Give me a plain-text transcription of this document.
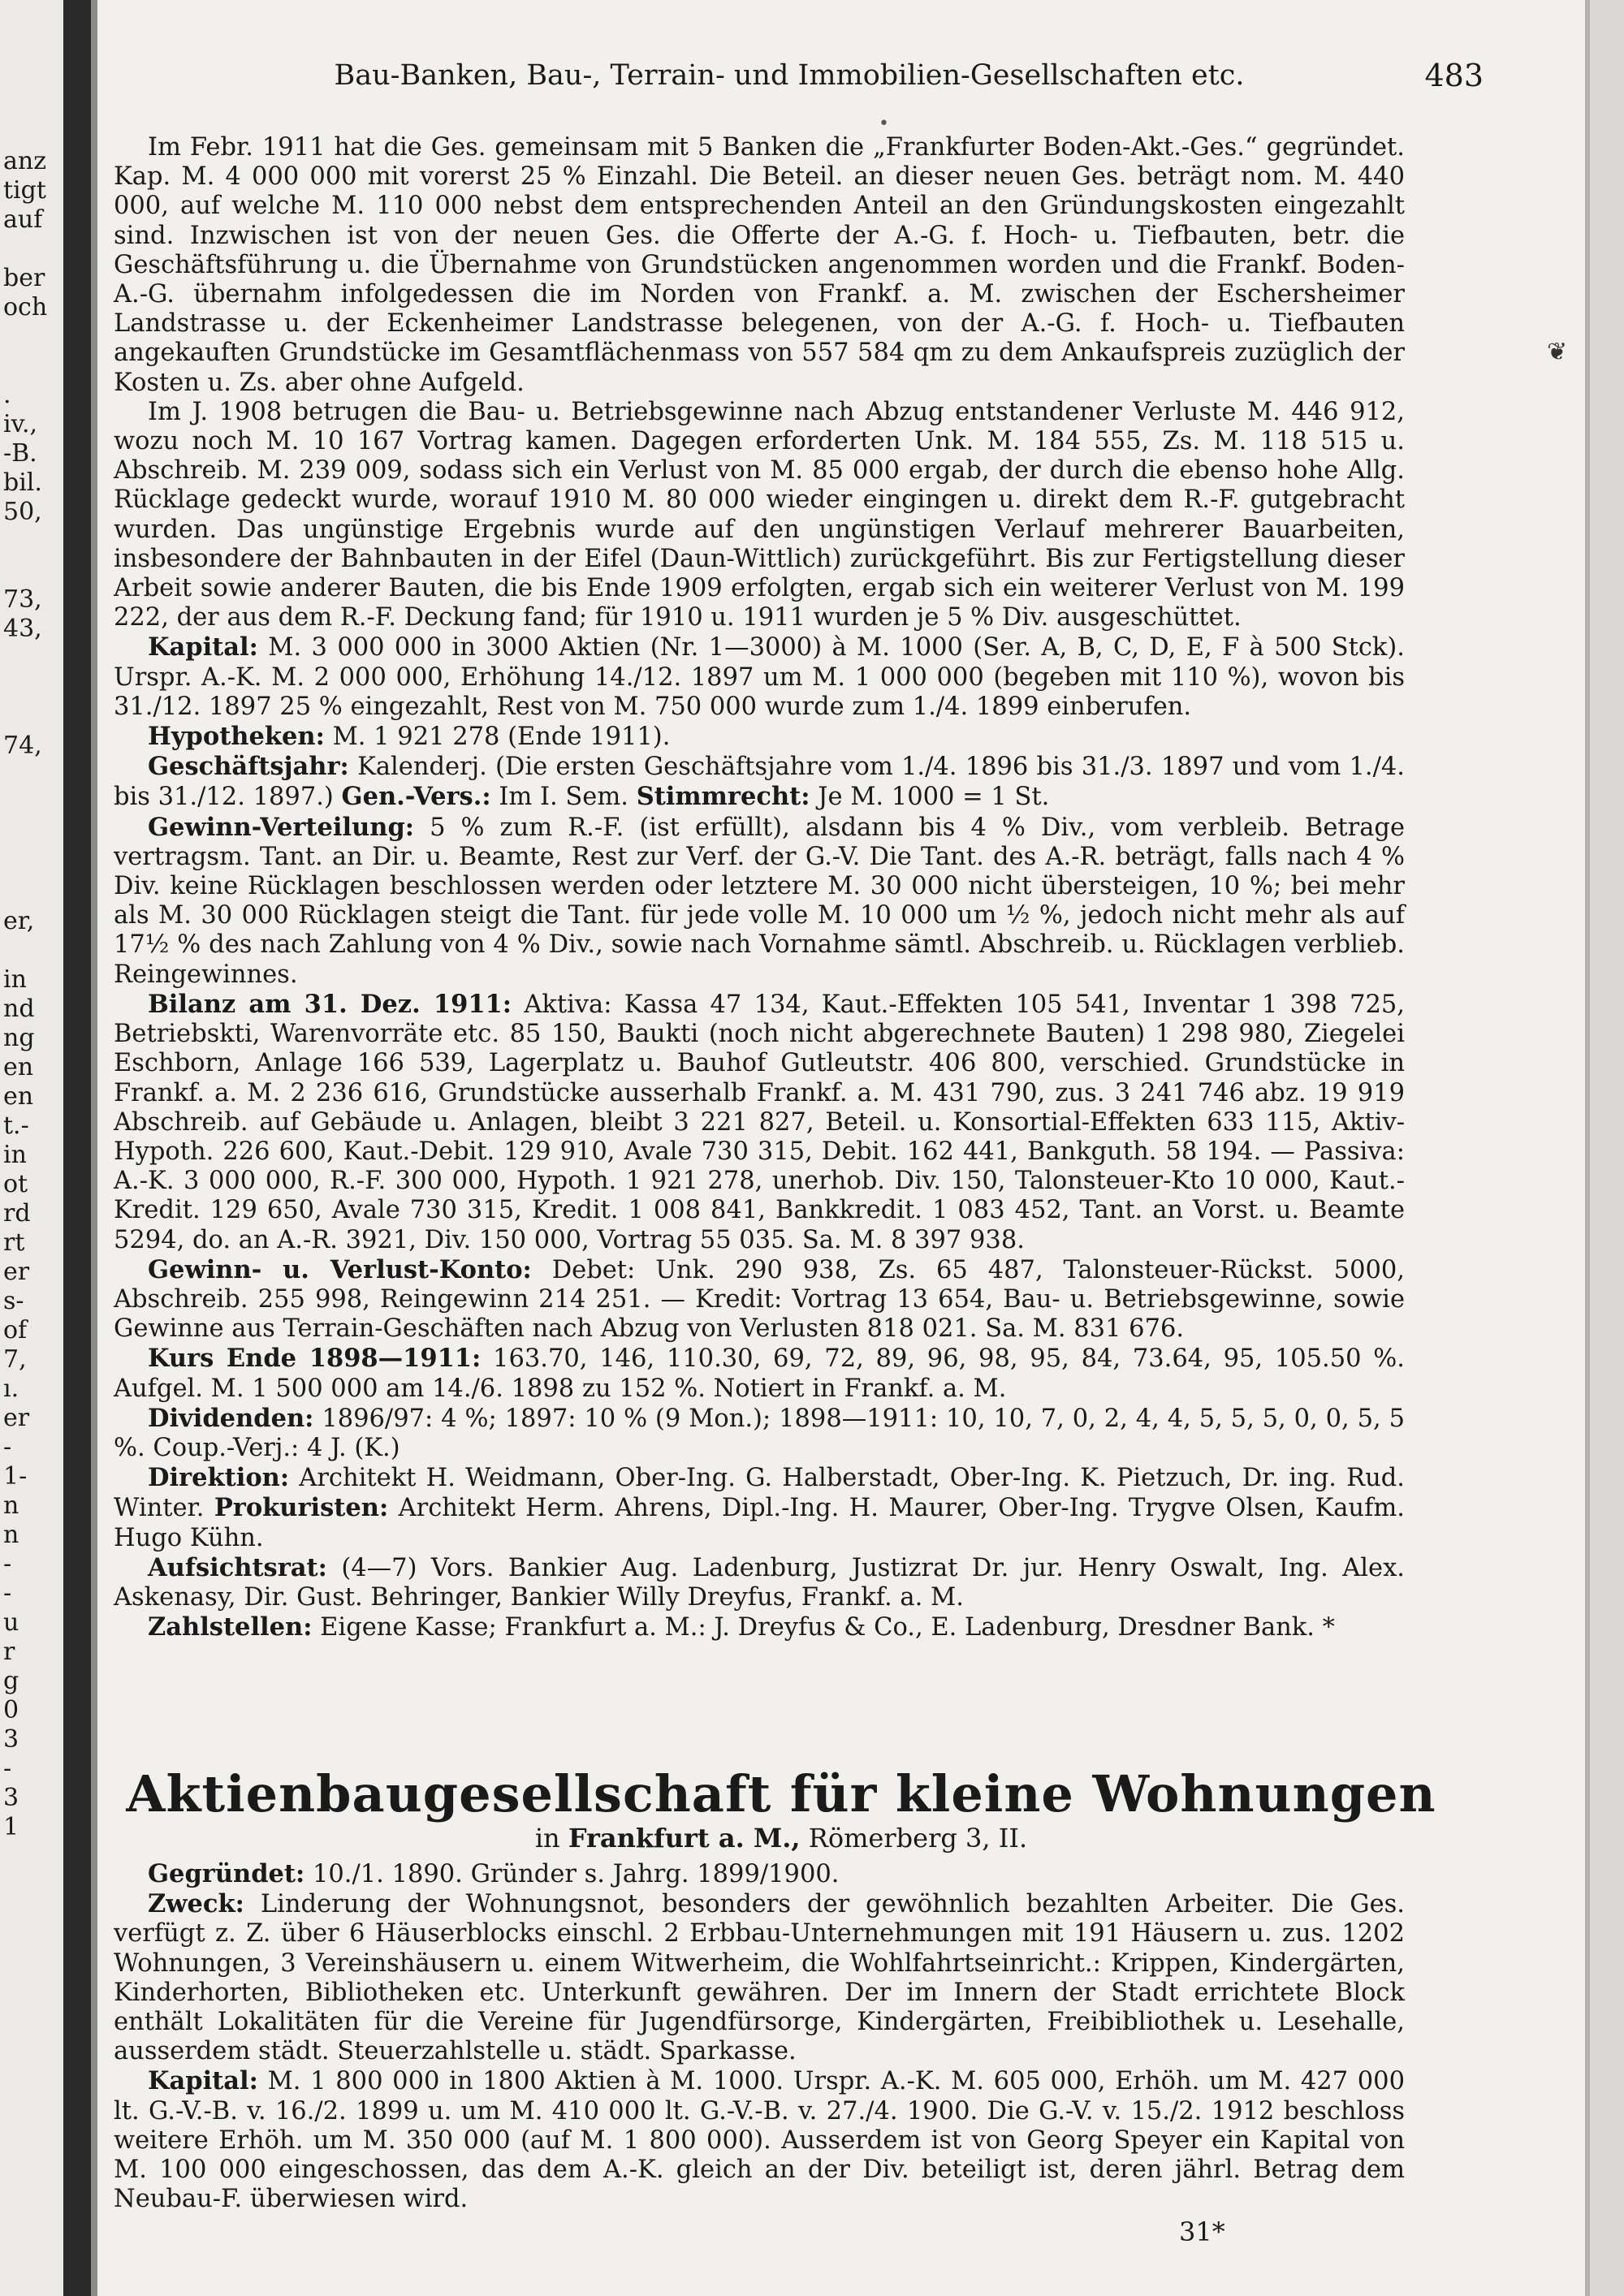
anz
tigt
auf
ber
och
.
iv.,
-B.
bil.
50,
73,
43,
74,
er,
in
nd
ng
en
en
t.-
in
ot
rd
rt
er
s-
of
7,
ı.
er
-
1-
n
n
-
-
u
r
g
0
3
-
3
1
❦
Bau-Banken, Bau-, Terrain- und Immobilien-Gesellschaften etc.	483
•

Im Febr. 1911 hat die Ges. gemeinsam mit 5 Banken die „Frankfurter Boden-Akt.-Ges.“ gegründet. Kap. M. 4 000 000 mit vorerst 25 % Einzahl. Die Beteil. an dieser neuen Ges. beträgt nom. M. 440 000, auf welche M. 110 000 nebst dem entsprechenden Anteil an den Gründungskosten eingezahlt sind. Inzwischen ist von der neuen Ges. die Offerte der A.-G. f. Hoch- u. Tiefbauten, betr. die Geschäftsführung u. die Übernahme von Grundstücken angenommen worden und die Frankf. Boden-A.-G. übernahm infolgedessen die im Norden von Frankf. a. M. zwischen der Eschersheimer Landstrasse u. der Eckenheimer Landstrasse belegenen, von der A.-G. f. Hoch- u. Tiefbauten angekauften Grundstücke im Gesamtflächenmass von 557 584 qm zu dem Ankaufspreis zuzüglich der Kosten u. Zs. aber ohne Aufgeld.

Im J. 1908 betrugen die Bau- u. Betriebsgewinne nach Abzug entstandener Verluste M. 446 912, wozu noch M. 10 167 Vortrag kamen. Dagegen erforderten Unk. M. 184 555, Zs. M. 118 515 u. Abschreib. M. 239 009, sodass sich ein Verlust von M. 85 000 ergab, der durch die ebenso hohe Allg. Rücklage gedeckt wurde, worauf 1910 M. 80 000 wieder eingingen u. direkt dem R.-F. gutgebracht wurden. Das ungünstige Ergebnis wurde auf den ungünstigen Verlauf mehrerer Bauarbeiten, insbesondere der Bahnbauten in der Eifel (Daun-Wittlich) zurückgeführt. Bis zur Fertigstellung dieser Arbeit sowie anderer Bauten, die bis Ende 1909 erfolgten, ergab sich ein weiterer Verlust von M. 199 222, der aus dem R.-F. Deckung fand; für 1910 u. 1911 wurden je 5 % Div. ausgeschüttet.

Kapital: M. 3 000 000 in 3000 Aktien (Nr. 1—3000) à M. 1000 (Ser. A, B, C, D, E, F à 500 Stck). Urspr. A.-K. M. 2 000 000, Erhöhung 14./12. 1897 um M. 1 000 000 (begeben mit 110 %), wovon bis 31./12. 1897 25 % eingezahlt, Rest von M. 750 000 wurde zum 1./4. 1899 einberufen.

Hypotheken: M. 1 921 278 (Ende 1911).

Geschäftsjahr: Kalenderj. (Die ersten Geschäftsjahre vom 1./4. 1896 bis 31./3. 1897 und vom 1./4. bis 31./12. 1897.) Gen.-Vers.: Im I. Sem. Stimmrecht: Je M. 1000 = 1 St.

Gewinn-Verteilung: 5 % zum R.-F. (ist erfüllt), alsdann bis 4 % Div., vom verbleib. Betrage vertragsm. Tant. an Dir. u. Beamte, Rest zur Verf. der G.-V. Die Tant. des A.-R. beträgt, falls nach 4 % Div. keine Rücklagen beschlossen werden oder letztere M. 30 000 nicht übersteigen, 10 %; bei mehr als M. 30 000 Rücklagen steigt die Tant. für jede volle M. 10 000 um ½ %, jedoch nicht mehr als auf 17½ % des nach Zahlung von 4 % Div., sowie nach Vornahme sämtl. Abschreib. u. Rücklagen verblieb. Reingewinnes.

Bilanz am 31. Dez. 1911: Aktiva: Kassa 47 134, Kaut.-Effekten 105 541, Inventar 1 398 725, Betriebskti, Warenvorräte etc. 85 150, Baukti (noch nicht abgerechnete Bauten) 1 298 980, Ziegelei Eschborn, Anlage 166 539, Lagerplatz u. Bauhof Gutleutstr. 406 800, verschied. Grundstücke in Frankf. a. M. 2 236 616, Grundstücke ausserhalb Frankf. a. M. 431 790, zus. 3 241 746 abz. 19 919 Abschreib. auf Gebäude u. Anlagen, bleibt 3 221 827, Beteil. u. Konsortial-Effekten 633 115, Aktiv-Hypoth. 226 600, Kaut.-Debit. 129 910, Avale 730 315, Debit. 162 441, Bankguth. 58 194. — Passiva: A.-K. 3 000 000, R.-F. 300 000, Hypoth. 1 921 278, unerhob. Div. 150, Talonsteuer-Kto 10 000, Kaut.-Kredit. 129 650, Avale 730 315, Kredit. 1 008 841, Bankkredit. 1 083 452, Tant. an Vorst. u. Beamte 5294, do. an A.-R. 3921, Div. 150 000, Vortrag 55 035. Sa. M. 8 397 938.

Gewinn- u. Verlust-Konto: Debet: Unk. 290 938, Zs. 65 487, Talonsteuer-Rückst. 5000, Abschreib. 255 998, Reingewinn 214 251. — Kredit: Vortrag 13 654, Bau- u. Betriebsgewinne, sowie Gewinne aus Terrain-Geschäften nach Abzug von Verlusten 818 021. Sa. M. 831 676.

Kurs Ende 1898—1911: 163.70, 146, 110.30, 69, 72, 89, 96, 98, 95, 84, 73.64, 95, 105.50 %. Aufgel. M. 1 500 000 am 14./6. 1898 zu 152 %. Notiert in Frankf. a. M.

Dividenden: 1896/97: 4 %; 1897: 10 % (9 Mon.); 1898—1911: 10, 10, 7, 0, 2, 4, 4, 5, 5, 5, 0, 0, 5, 5 %. Coup.-Verj.: 4 J. (K.)

Direktion: Architekt H. Weidmann, Ober-Ing. G. Halberstadt, Ober-Ing. K. Pietzuch, Dr. ing. Rud. Winter. Prokuristen: Architekt Herm. Ahrens, Dipl.-Ing. H. Maurer, Ober-Ing. Trygve Olsen, Kaufm. Hugo Kühn.

Aufsichtsrat: (4—7) Vors. Bankier Aug. Ladenburg, Justizrat Dr. jur. Henry Oswalt, Ing. Alex. Askenasy, Dir. Gust. Behringer, Bankier Willy Dreyfus, Frankf. a. M.

Zahlstellen: Eigene Kasse; Frankfurt a. M.: J. Dreyfus & Co., E. Ladenburg, Dresdner Bank. *

Aktienbaugesellschaft für kleine Wohnungen
in Frankfurt a. M., Römerberg 3, II.

Gegründet: 10./1. 1890. Gründer s. Jahrg. 1899/1900.

Zweck: Linderung der Wohnungsnot, besonders der gewöhnlich bezahlten Arbeiter. Die Ges. verfügt z. Z. über 6 Häuserblocks einschl. 2 Erbbau-Unternehmungen mit 191 Häusern u. zus. 1202 Wohnungen, 3 Vereinshäusern u. einem Witwerheim, die Wohlfahrtseinricht.: Krippen, Kindergärten, Kinderhorten, Bibliotheken etc. Unterkunft gewähren. Der im Innern der Stadt errichtete Block enthält Lokalitäten für die Vereine für Jugendfürsorge, Kindergärten, Freibibliothek u. Lesehalle, ausserdem städt. Steuerzahlstelle u. städt. Sparkasse.

Kapital: M. 1 800 000 in 1800 Aktien à M. 1000. Urspr. A.-K. M. 605 000, Erhöh. um M. 427 000 lt. G.-V.-B. v. 16./2. 1899 u. um M. 410 000 lt. G.-V.-B. v. 27./4. 1900. Die G.-V. v. 15./2. 1912 beschloss weitere Erhöh. um M. 350 000 (auf M. 1 800 000). Ausserdem ist von Georg Speyer ein Kapital von M. 100 000 eingeschossen, das dem A.-K. gleich an der Div. beteiligt ist, deren jährl. Betrag dem Neubau-F. überwiesen wird.

31*
